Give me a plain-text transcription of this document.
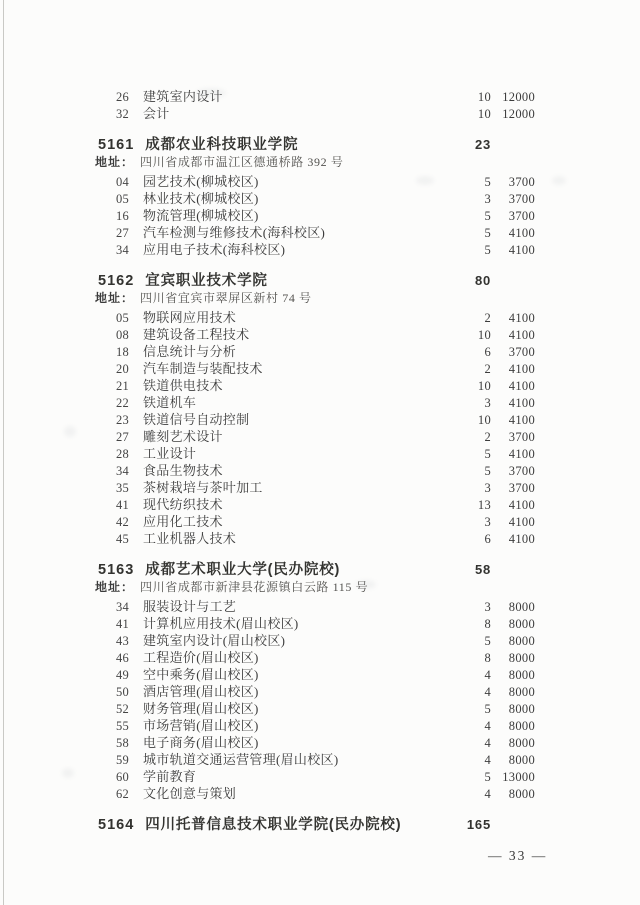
26	建筑室内设计	10 12000
32	会计	10 12000
5161 成都农业科技职业学院	23
地址： 四川省成都市温江区德通桥路 392 号
04	园艺技术(柳城校区)	5	3700
05	林业技术(柳城校区)	3	3700
16	物流管理(柳城校区)	5	3700
27	汽车检测与维修技术(海科校区)	5	4100
34	应用电子技术(海科校区)	5	4100
5162 宜宾职业技术学院	80
地址： 四川省宜宾市翠屏区新村 74 号
05	物联网应用技术	2	4100
08	建筑设备工程技术	10	4100
18	信息统计与分析	6	3700
20	汽车制造与装配技术	2	4100
21	铁道供电技术	10	4100
22	铁道机车	3	4100
23	铁道信号自动控制	10	4100
27	雕刻艺术设计	2	3700
28	工业设计	5	4100
34	食品生物技术	5	3700
35	茶树栽培与茶叶加工	3	3700
41	现代纺织技术	13	4100
42	应用化工技术	3	4100
45	工业机器人技术	6	4100
5163 成都艺术职业大学(民办院校)	58
地址： 四川省成都市新津县花源镇白云路 115 号
34	服装设计与工艺	3	8000
41	计算机应用技术(眉山校区)	8	8000
43	建筑室内设计(眉山校区)	5	8000
46	工程造价(眉山校区)	8	8000
49	空中乘务(眉山校区)	4	8000
50	酒店管理(眉山校区)	4	8000
52	财务管理(眉山校区)	5	8000
55	市场营销(眉山校区)	4	8000
58	电子商务(眉山校区)	4	8000
59	城市轨道交通运营管理(眉山校区)	4	8000
60	学前教育	5 13000
62	文化创意与策划	4	8000
5164 四川托普信息技术职业学院(民办院校)	165
— 33 —
